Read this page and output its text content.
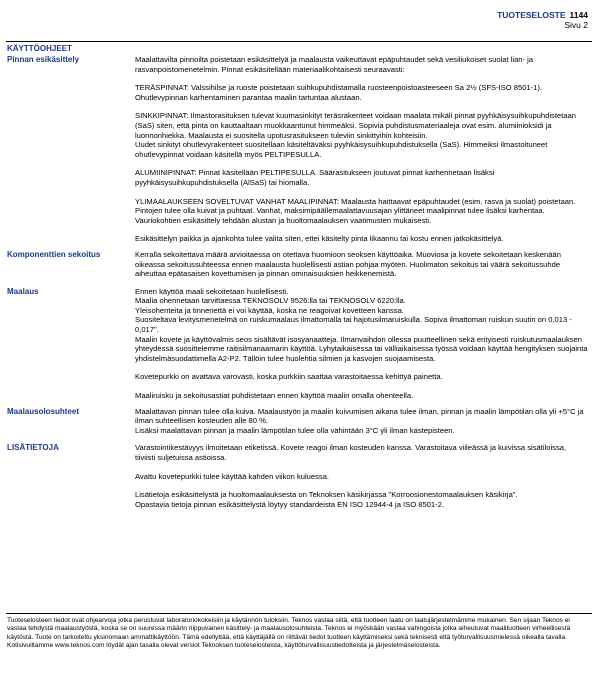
TUOTESELOSTE 1144
Sivu 2
KÄYTTÖOHJEET
Pinnan esikäsittely	Maalattavilta pinnoilta poistetaan esikäsittelyä ja maalausta vaikeuttavat epäpuhtaudet sekä vesiliukoiset suolat lian- ja rasvanpoistomenetelmin. Pinnat esikäsitellään materiaalikohtaisesti seuraavasti:

TERÄSPINNAT: Valssihilse ja ruoste poistetaan suihkupuhdistamalla ruosteenpoistoasteeseen Sa 2½ (SFS-ISO 8501-1). Ohutlevypinnan karhentaminen parantaa maalin tartuntaa alustaan.

SINKKIPINNAT: Ilmastorasituksen tulevat kuumasinkityt teräsrakenteet voidaan maalata mikäli pinnat pyyhkäisysuihkupuhdistetaan (SaS) siten, että pinta on kauttaaltaan muokkaantunut himmeäksi. Sopivia puhdistusmateriaaleja ovat esim. alumiinioksidi ja luonnonhiekka. Maalausta ei suositella upotusrasitukseen tuleviin sinkittyihin kohteisiin.
Uudet sinkityt ohutlevyrakenteet suositellaan käsiteltäväksi pyyhkäisysuihkupuhdistuksella (SaS). Himmeiksi ilmastoituneet ohutlevypinnat voidaan käsitellä myös PELTIPESULLA.

ALUMIINIPINNAT: Pinnat käsitellään PELTIPESULLA. Säärasitukseen joutuvat pinnat karhennetaan lisäksi pyyhkäisysuihkupuhdistuksella (AlSaS) tai hiomalla.

YLIMAALAUKSEEN SOVELTUVAT VANHAT MAALIPINNAT: Maalausta haittaavat epäpuhtaudet (esim. rasva ja suolat) poistetaan. Pintojen tulee olla kuivat ja puhtaat. Vanhat, maksimipäällemaalattavuusajan ylittäneet maalipinnat tulee lisäksi karhentaa. Vauriokohtien esikäsittely tehdään alustan ja huoltomaalauksen vaatimusten mukaisesti.

Esikäsittelyn paikka ja ajankohta tulee valita siten, ettei käsitelty pinta likaannu tai kostu ennen jatkokäsittelyä.

Komponenttien sekoitus	Kerralla sekoitettava määrä arvioitaessa on otettava huomioon seoksen käyttöaika. Muoviosa ja kovete sekoitetaan keskenään oikeassa sekoitussuhteessa ennen maalausta huolellisesti astian pohjaa myöten. Huolimaton sekoitus tai väärä sekoitussuhde aiheuttaa epätasaisen kovettumisen ja pinnan ominaisuuksien heikkenemistä.

Maalaus	Ennen käyttöä maali sekoitetaan huolellisesti.
Maalia ohennetaan tarvittaessa TEKNOSOLV 9526:lla tai TEKNOSOLV 6220:lla.
Yleisohenteita ja tinneriettä ei voi käyttää, koska ne reagoivat kovetteen kanssa.
Suositeltava levitysmenetelmä on ruiskumaalaus ilmattomalla tai hajotusilmaruiskulla. Sopiva ilmattoman ruiskun suutin on 0,013 - 0,017".
Maalin kovete ja käyttövalmis seos sisältävät isosyanaatteja. Ilmanvaihdon ollessa puutteellinen sekä erityisesti ruiskutusmaalauksen yhteydessä suosittelemme raitisilmanaamarin käyttöä. Lyhytaikaisessa tai välliaikaisessa työssä voidaan käyttää hengityksen suojainta yhdistelmäsuodattimella A2-P2. Tällöin tulee huolehtia silmien ja kasvojen suojaamisesta.

Kovetepurkki on avattava varovasti, koska purkkiin saattaa varastoitaessa kehittyä painetta.

Maaliruisku ja sekoitusastiat puhdistetaan ennen käyttöä maalin omalla ohenteella.

Maalausolosuhteet	Maalattavan pinnan tulee olla kuiva. Maalaustyön ja maalin kuivumisen aikana tulee ilman, pinnan ja maalin lämpötilan olla yli +5°C ja ilman suhteellisen kosteuden alle 80 %.
Lisäksi maalattavan pinnan ja maalin lämpötilan tulee olla vähintään 3°C yli ilman kastepisteen.

LISÄTIETOJA	Varastointikestävyys ilmoitetaan etiketissä. Kovete reagoi ilman kosteuden kanssa. Varastoitava viileässä ja kuivissa sisätiloissa, tiiviisti suljetuissa astioissa.

Avattu kovetepurkki tulee käyttää kahden viikon kuluessa.

Lisätietoja esikäsittelystä ja huoltomaalauksesta on Teknoksen käsikirjassa "Korroosionestomaalauksen käsikirja".
Opastavia tietoja pinnan esikäsittelystä löytyy standardeista EN ISO 12944-4 ja ISO 8501-2.

Tuoteselosteen tiedot ovat ohjearvoja jotka perustuvat laboratoriokokeisiin ja käytännön tuloksiin. Teknos vastaa siitä, että tuotteen laatu on laatujärjestelmämme mukainen. Sen sijaan Teknos ei vastaa tehdystä maalaustyöstä, koska se on suuressa määrin riippuvainen käsittely- ja maalausolosuhteista. Teknos ei myöskään vastaa vahingoista jotka aiheutuvat maalituotteen virheellisestä käytöstä. Tuote on tarkoitettu yksinomaan ammattikäyttöön. Tämä edellyttää, että käyttäjällä on riittävät tiedot tuotteen käyttämiseksi sekä teknisesti että työturvallisuusmielessä oikealla tavalla. Kotisivuiltamme www.teknos.com löydät ajan tasalla olevat versiot Teknoksen tuoteselosteista, käyttöturvallisuustiedotteista ja järjestelmäselosteista.
